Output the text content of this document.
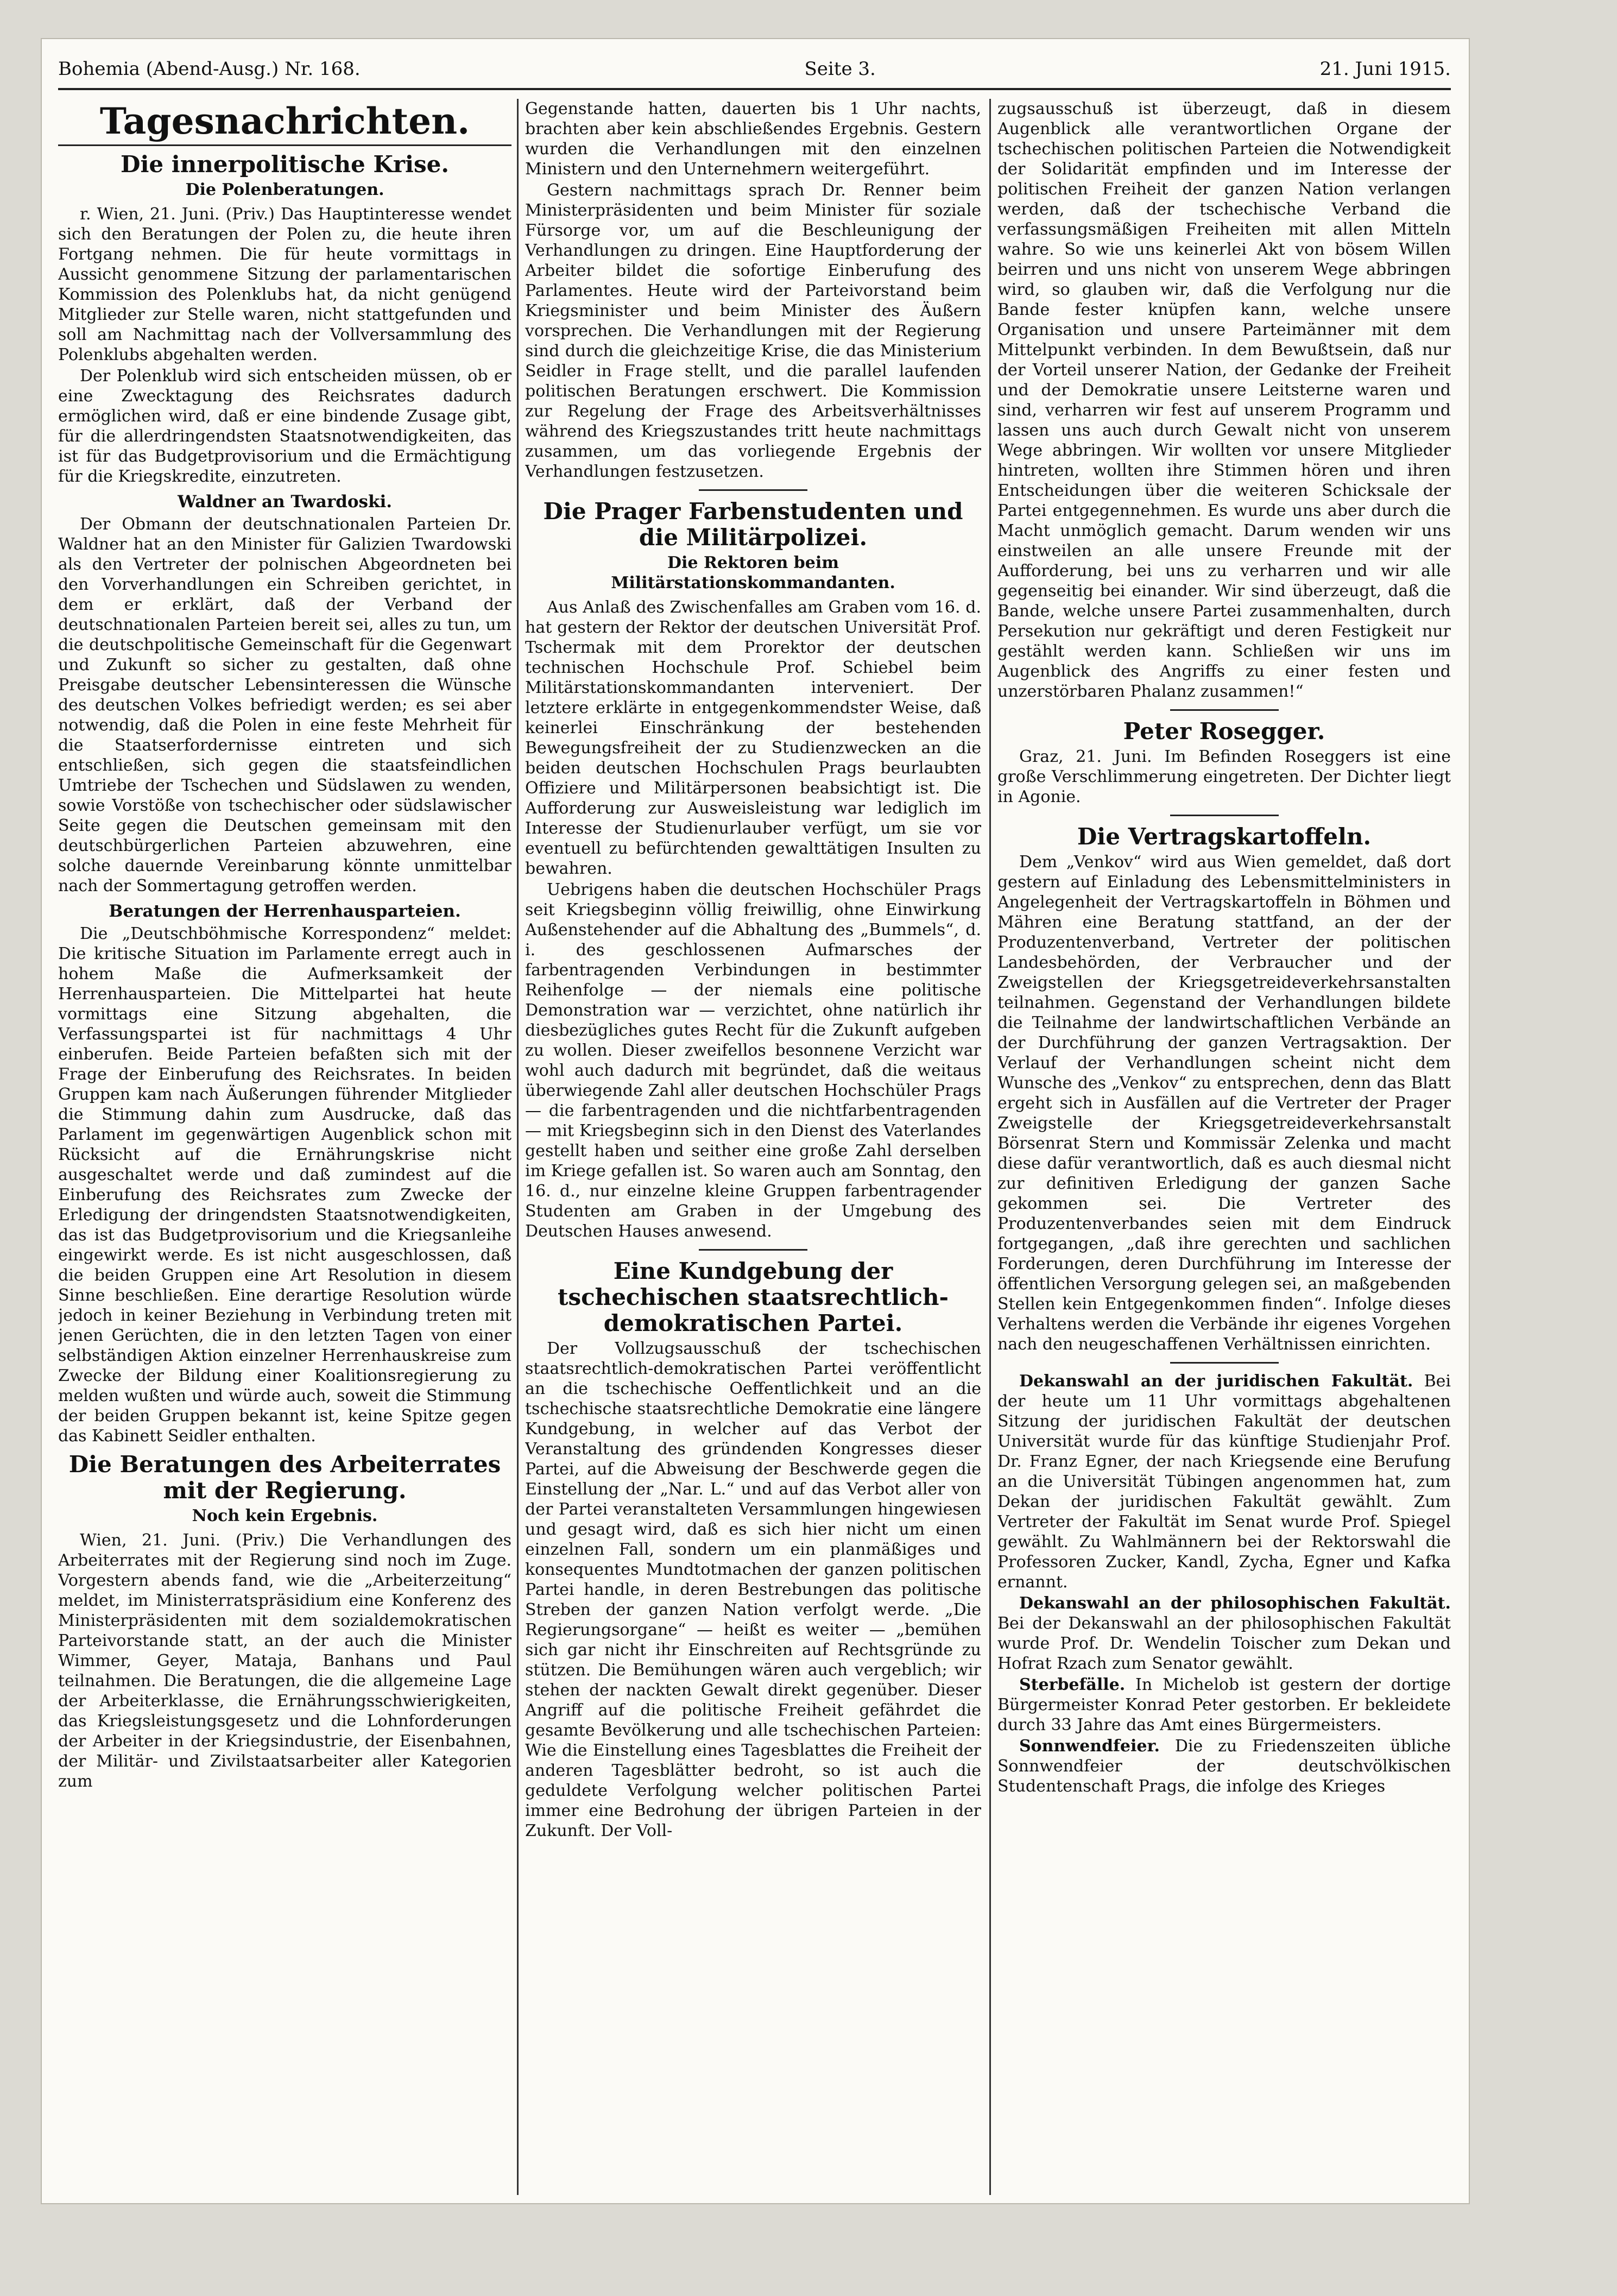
Bohemia (Abend-Ausg.) Nr. 168.	Seite 3.	21. Juni 1915.
Tagesnachrichten.
Die innerpolitische Krise.
Die Polenberatungen.

r. Wien, 21. Juni. (Priv.) Das Hauptinteresse wendet sich den Beratungen der Polen zu, die heute ihren Fortgang nehmen. Die für heute vormittags in Aussicht genommene Sitzung der parlamentarischen Kommission des Polenklubs hat, da nicht genügend Mitglieder zur Stelle waren, nicht stattgefunden und soll am Nachmittag nach der Vollversammlung des Polenklubs abgehalten werden.

Der Polenklub wird sich entscheiden müssen, ob er eine Zwecktagung des Reichsrates dadurch ermöglichen wird, daß er eine bindende Zusage gibt, für die allerdringendsten Staatsnotwendigkeiten, das ist für das Budgetprovisorium und die Ermächtigung für die Kriegskredite, einzutreten.

Waldner an Twardoski.

Der Obmann der deutschnationalen Parteien Dr. Waldner hat an den Minister für Galizien Twardowski als den Vertreter der polnischen Abgeordneten bei den Vorverhandlungen ein Schreiben gerichtet, in dem er erklärt, daß der Verband der deutschnationalen Parteien bereit sei, alles zu tun, um die deutschpolitische Gemeinschaft für die Gegenwart und Zukunft so sicher zu gestalten, daß ohne Preisgabe deutscher Lebensinteressen die Wünsche des deutschen Volkes befriedigt werden; es sei aber notwendig, daß die Polen in eine feste Mehrheit für die Staatserfordernisse eintreten und sich entschließen, sich gegen die staatsfeindlichen Umtriebe der Tschechen und Südslawen zu wenden, sowie Vorstöße von tschechischer oder südslawischer Seite gegen die Deutschen gemeinsam mit den deutschbürgerlichen Parteien abzuwehren, eine solche dauernde Vereinbarung könnte unmittelbar nach der Sommertagung getroffen werden.

Beratungen der Herrenhausparteien.

Die „Deutschböhmische Korrespondenz“ meldet: Die kritische Situation im Parlamente erregt auch in hohem Maße die Aufmerksamkeit der Herrenhausparteien. Die Mittelpartei hat heute vormittags eine Sitzung abgehalten, die Verfassungspartei ist für nachmittags 4 Uhr einberufen. Beide Parteien befaßten sich mit der Frage der Einberufung des Reichsrates. In beiden Gruppen kam nach Äußerungen führender Mitglieder die Stimmung dahin zum Ausdrucke, daß das Parlament im gegenwärtigen Augenblick schon mit Rücksicht auf die Ernährungskrise nicht ausgeschaltet werde und daß zumindest auf die Einberufung des Reichsrates zum Zwecke der Erledigung der dringendsten Staatsnotwendigkeiten, das ist das Budgetprovisorium und die Kriegsanleihe eingewirkt werde. Es ist nicht ausgeschlossen, daß die beiden Gruppen eine Art Resolution in diesem Sinne beschließen. Eine derartige Resolution würde jedoch in keiner Beziehung in Verbindung treten mit jenen Gerüchten, die in den letzten Tagen von einer selbständigen Aktion einzelner Herrenhauskreise zum Zwecke der Bildung einer Koalitionsregierung zu melden wußten und würde auch, soweit die Stimmung der beiden Gruppen bekannt ist, keine Spitze gegen das Kabinett Seidler enthalten.

Die Beratungen des Arbeiterrates mit der Regierung.
Noch kein Ergebnis.

Wien, 21. Juni. (Priv.) Die Verhandlungen des Arbeiterrates mit der Regierung sind noch im Zuge. Vorgestern abends fand, wie die „Arbeiterzeitung“ meldet, im Ministerratspräsidium eine Konferenz des Ministerpräsidenten mit dem sozialdemokratischen Parteivorstande statt, an der auch die Minister Wimmer, Geyer, Mataja, Banhans und Paul teilnahmen. Die Beratungen, die die allgemeine Lage der Arbeiterklasse, die Ernährungsschwierigkeiten, das Kriegsleistungsgesetz und die Lohnforderungen der Arbeiter in der Kriegsindustrie, der Eisenbahnen, der Militär- und Zivilstaatsarbeiter aller Kategorien zum

Gegenstande hatten, dauerten bis 1 Uhr nachts, brachten aber kein abschließendes Ergebnis. Gestern wurden die Verhandlungen mit den einzelnen Ministern und den Unternehmern weitergeführt.

Gestern nachmittags sprach Dr. Renner beim Ministerpräsidenten und beim Minister für soziale Fürsorge vor, um auf die Beschleunigung der Verhandlungen zu dringen. Eine Hauptforderung der Arbeiter bildet die sofortige Einberufung des Parlamentes. Heute wird der Parteivorstand beim Kriegsminister und beim Minister des Äußern vorsprechen. Die Verhandlungen mit der Regierung sind durch die gleichzeitige Krise, die das Ministerium Seidler in Frage stellt, und die parallel laufenden politischen Beratungen erschwert. Die Kommission zur Regelung der Frage des Arbeitsverhältnisses während des Kriegszustandes tritt heute nachmittags zusammen, um das vorliegende Ergebnis der Verhandlungen festzusetzen.

Die Prager Farbenstudenten und die Militärpolizei.
Die Rektoren beim Militärstationskommandanten.

Aus Anlaß des Zwischenfalles am Graben vom 16. d. hat gestern der Rektor der deutschen Universität Prof. Tschermak mit dem Prorektor der deutschen technischen Hochschule Prof. Schiebel beim Militärstationskommandanten interveniert. Der letztere erklärte in entgegenkommendster Weise, daß keinerlei Einschränkung der bestehenden Bewegungsfreiheit der zu Studienzwecken an die beiden deutschen Hochschulen Prags beurlaubten Offiziere und Militärpersonen beabsichtigt ist. Die Aufforderung zur Ausweisleistung war lediglich im Interesse der Studienurlauber verfügt, um sie vor eventuell zu befürchtenden gewalttätigen Insulten zu bewahren.

Uebrigens haben die deutschen Hochschüler Prags seit Kriegsbeginn völlig freiwillig, ohne Einwirkung Außenstehender auf die Abhaltung des „Bummels“, d. i. des geschlossenen Aufmarsches der farbentragenden Verbindungen in bestimmter Reihenfolge — der niemals eine politische Demonstration war — verzichtet, ohne natürlich ihr diesbezügliches gutes Recht für die Zukunft aufgeben zu wollen. Dieser zweifellos besonnene Verzicht war wohl auch dadurch mit begründet, daß die weitaus überwiegende Zahl aller deutschen Hochschüler Prags — die farbentragenden und die nichtfarbentragenden — mit Kriegsbeginn sich in den Dienst des Vaterlandes gestellt haben und seither eine große Zahl derselben im Kriege gefallen ist. So waren auch am Sonntag, den 16. d., nur einzelne kleine Gruppen farbentragender Studenten am Graben in der Umgebung des Deutschen Hauses anwesend.

Eine Kundgebung der tschechischen staatsrechtlich-demokratischen Partei.

Der Vollzugsausschuß der tschechischen staatsrechtlich-demokratischen Partei veröffentlicht an die tschechische Oeffentlichkeit und an die tschechische staatsrechtliche Demokratie eine längere Kundgebung, in welcher auf das Verbot der Veranstaltung des gründenden Kongresses dieser Partei, auf die Abweisung der Beschwerde gegen die Einstellung der „Nar. L.“ und auf das Verbot aller von der Partei veranstalteten Versammlungen hingewiesen und gesagt wird, daß es sich hier nicht um einen einzelnen Fall, sondern um ein planmäßiges und konsequentes Mundtotmachen der ganzen politischen Partei handle, in deren Bestrebungen das politische Streben der ganzen Nation verfolgt werde. „Die Regierungsorgane“ — heißt es weiter — „bemühen sich gar nicht ihr Einschreiten auf Rechtsgründe zu stützen. Die Bemühungen wären auch vergeblich; wir stehen der nackten Gewalt direkt gegenüber. Dieser Angriff auf die politische Freiheit gefährdet die gesamte Bevölkerung und alle tschechischen Parteien: Wie die Einstellung eines Tagesblattes die Freiheit der anderen Tagesblätter bedroht, so ist auch die geduldete Verfolgung welcher politischen Partei immer eine Bedrohung der übrigen Parteien in der Zukunft. Der Voll-

zugsausschuß ist überzeugt, daß in diesem Augenblick alle verantwortlichen Organe der tschechischen politischen Parteien die Notwendigkeit der Solidarität empfinden und im Interesse der politischen Freiheit der ganzen Nation verlangen werden, daß der tschechische Verband die verfassungsmäßigen Freiheiten mit allen Mitteln wahre. So wie uns keinerlei Akt von bösem Willen beirren und uns nicht von unserem Wege abbringen wird, so glauben wir, daß die Verfolgung nur die Bande fester knüpfen kann, welche unsere Organisation und unsere Parteimänner mit dem Mittelpunkt verbinden. In dem Bewußtsein, daß nur der Vorteil unserer Nation, der Gedanke der Freiheit und der Demokratie unsere Leitsterne waren und sind, verharren wir fest auf unserem Programm und lassen uns auch durch Gewalt nicht von unserem Wege abbringen. Wir wollten vor unsere Mitglieder hintreten, wollten ihre Stimmen hören und ihren Entscheidungen über die weiteren Schicksale der Partei entgegennehmen. Es wurde uns aber durch die Macht unmöglich gemacht. Darum wenden wir uns einstweilen an alle unsere Freunde mit der Aufforderung, bei uns zu verharren und wir alle gegenseitig bei einander. Wir sind überzeugt, daß die Bande, welche unsere Partei zusammenhalten, durch Persekution nur gekräftigt und deren Festigkeit nur gestählt werden kann. Schließen wir uns im Augenblick des Angriffs zu einer festen und unzerstörbaren Phalanz zusammen!“

Peter Rosegger.

Graz, 21. Juni. Im Befinden Roseggers ist eine große Verschlimmerung eingetreten. Der Dichter liegt in Agonie.

Die Vertragskartoffeln.

Dem „Venkov“ wird aus Wien gemeldet, daß dort gestern auf Einladung des Lebensmittelministers in Angelegenheit der Vertragskartoffeln in Böhmen und Mähren eine Beratung stattfand, an der der Produzentenverband, Vertreter der politischen Landesbehörden, der Verbraucher und der Zweigstellen der Kriegsgetreideverkehrsanstalten teilnahmen. Gegenstand der Verhandlungen bildete die Teilnahme der landwirtschaftlichen Verbände an der Durchführung der ganzen Vertragsaktion. Der Verlauf der Verhandlungen scheint nicht dem Wunsche des „Venkov“ zu entsprechen, denn das Blatt ergeht sich in Ausfällen auf die Vertreter der Prager Zweigstelle der Kriegsgetreideverkehrsanstalt Börsenrat Stern und Kommissär Zelenka und macht diese dafür verantwortlich, daß es auch diesmal nicht zur definitiven Erledigung der ganzen Sache gekommen sei. Die Vertreter des Produzentenverbandes seien mit dem Eindruck fortgegangen, „daß ihre gerechten und sachlichen Forderungen, deren Durchführung im Interesse der öffentlichen Versorgung gelegen sei, an maßgebenden Stellen kein Entgegenkommen finden“. Infolge dieses Verhaltens werden die Verbände ihr eigenes Vorgehen nach den neugeschaffenen Verhältnissen einrichten.

Dekanswahl an der juridischen Fakultät. Bei der heute um 11 Uhr vormittags abgehaltenen Sitzung der juridischen Fakultät der deutschen Universität wurde für das künftige Studienjahr Prof. Dr. Franz Egner, der nach Kriegsende eine Berufung an die Universität Tübingen angenommen hat, zum Dekan der juridischen Fakultät gewählt. Zum Vertreter der Fakultät im Senat wurde Prof. Spiegel gewählt. Zu Wahlmännern bei der Rektorswahl die Professoren Zucker, Kandl, Zycha, Egner und Kafka ernannt.

Dekanswahl an der philosophischen Fakultät. Bei der Dekanswahl an der philosophischen Fakultät wurde Prof. Dr. Wendelin Toischer zum Dekan und Hofrat Rzach zum Senator gewählt.

Sterbefälle. In Michelob ist gestern der dortige Bürgermeister Konrad Peter gestorben. Er bekleidete durch 33 Jahre das Amt eines Bürgermeisters.

Sonnwendfeier. Die zu Friedenszeiten übliche Sonnwendfeier der deutschvölkischen Studentenschaft Prags, die infolge des Krieges
